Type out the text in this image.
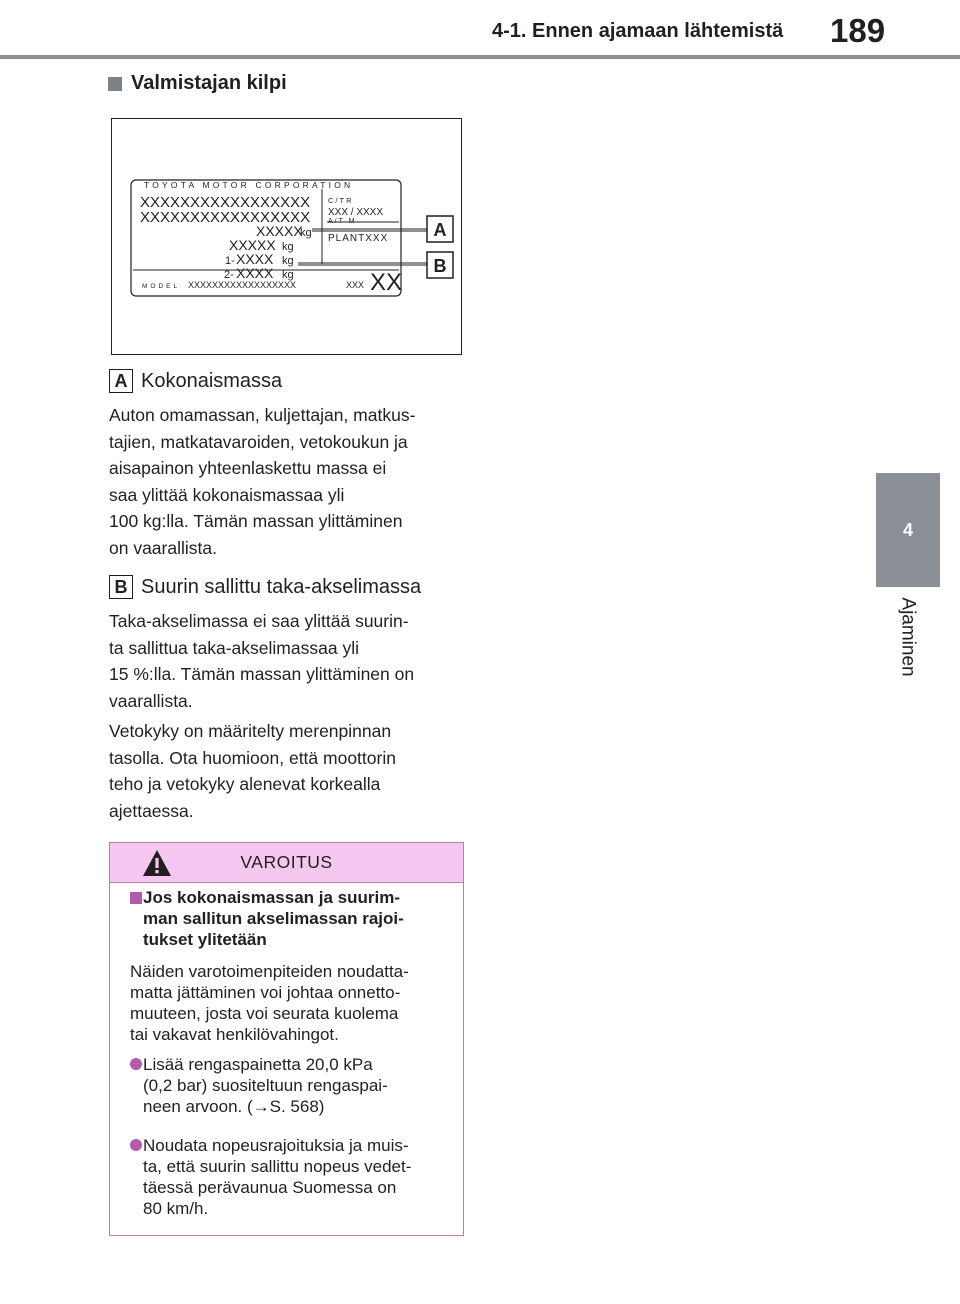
4-1. Ennen ajamaan lähtemistä 189
4
Ajaminen
Valmistajan kilpi
TOYOTA MOTOR CORPORATION
XXXXXXXXXXXXXXXXX
XXXXXXXXXXXXXXXXX
XXXXX
kg
XXXXX kg
1- XXXX kg
2- XXXX kg
C/TR
XXX / XXXX
A/T M
PLANTXXX
MODEL XXXXXXXXXXXXXXXXXX	XXX XX
A
B
A Kokonaismassa
Auton omamassan, kuljettajan, matkus-
tajien, matkatavaroiden, vetokoukun ja
aisapainon yhteenlaskettu massa ei
saa ylittää kokonaismassaa yli
100 kg:lla. Tämän massan ylittäminen
on vaarallista.
B Suurin sallittu taka-akselimassa
Taka-akselimassa ei saa ylittää suurin-
ta sallittua taka-akselimassaa yli
15 %:lla. Tämän massan ylittäminen on
vaarallista.
Vetokyky on määritelty merenpinnan
tasolla. Ota huomioon, että moottorin
teho ja vetokyky alenevat korkealla
ajettaessa.
VAROITUS
Jos kokonaismassan ja suurim-
man sallitun akselimassan rajoi-
tukset ylitetään
Näiden varotoimenpiteiden noudatta-
matta jättäminen voi johtaa onnetto-
muuteen, josta voi seurata kuolema
tai vakavat henkilövahingot.
Lisää rengaspainetta 20,0 kPa
(0,2 bar) suositeltuun rengaspai-
neen arvoon. (→S. 568)
Noudata nopeusrajoituksia ja muis-
ta, että suurin sallittu nopeus vedet-
täessä perävaunua Suomessa on
80 km/h.
